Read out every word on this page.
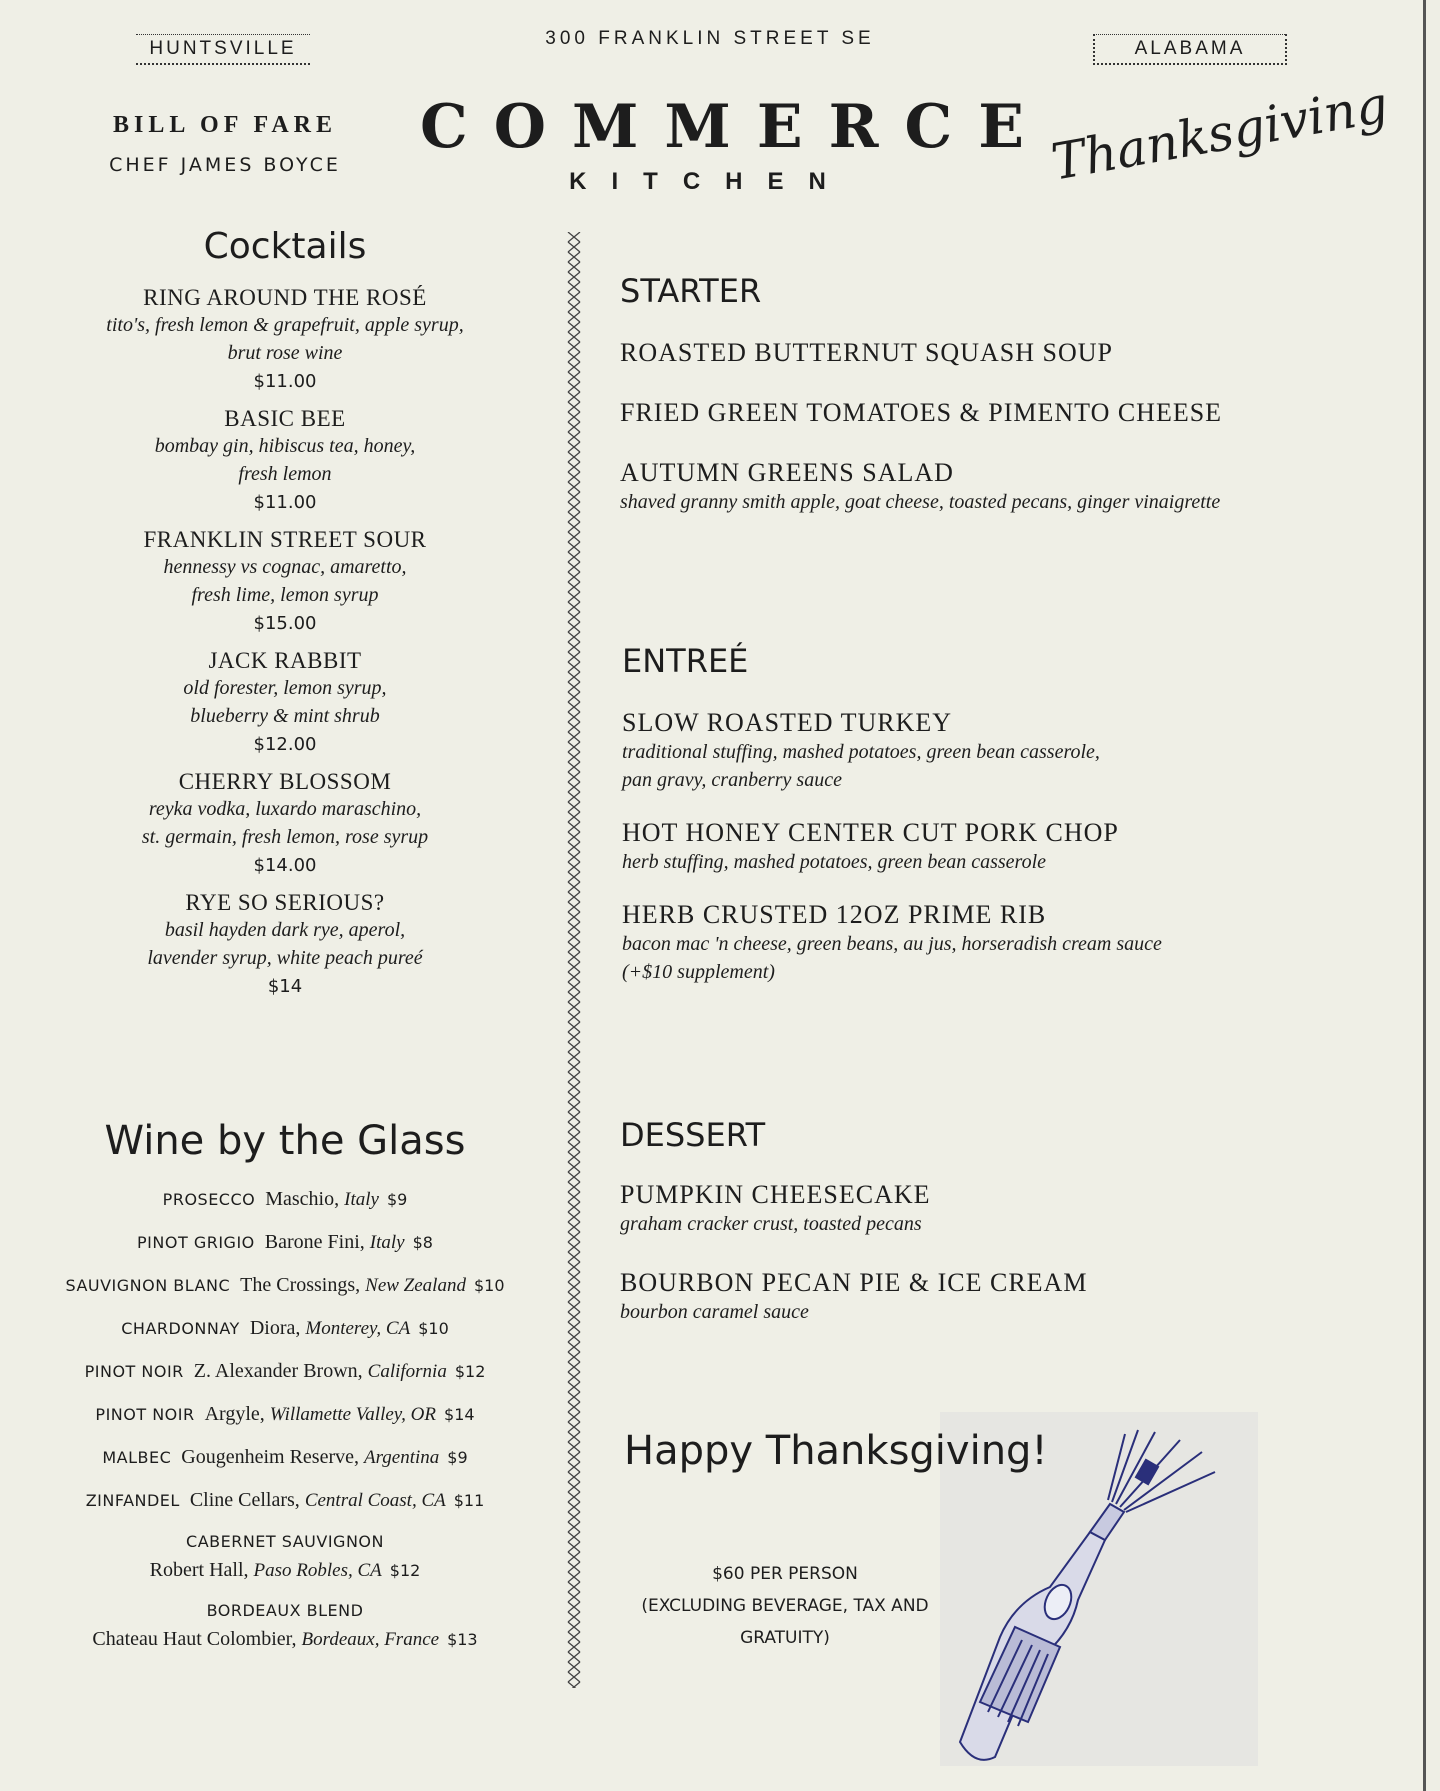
HUNTSVILLE	300 FRANKLIN STREET SE	ALABAMA
BILL OF FARE
CHEF JAMES BOYCE
COMMERCE
KITCHEN	Thanksgiving
Cocktails
RING AROUND THE ROSÉ
tito's, fresh lemon & grapefruit, apple syrup,
brut rose wine
$11.00
BASIC BEE
bombay gin, hibiscus tea, honey,
fresh lemon
$11.00
FRANKLIN STREET SOUR
hennessy vs cognac, amaretto,
fresh lime, lemon syrup
$15.00
JACK RABBIT
old forester, lemon syrup,
blueberry & mint shrub
$12.00
CHERRY BLOSSOM
reyka vodka, luxardo maraschino,
st. germain, fresh lemon, rose syrup
$14.00
RYE SO SERIOUS?
basil hayden dark rye, aperol,
lavender syrup, white peach pureé
$14
Wine by the Glass
PROSECCO Maschio, Italy $9
PINOT GRIGIO Barone Fini, Italy $8
SAUVIGNON BLANC The Crossings, New Zealand $10
CHARDONNAY Diora, Monterey, CA $10
PINOT NOIR Z. Alexander Brown, California $12
PINOT NOIR Argyle, Willamette Valley, OR $14
MALBEC Gougenheim Reserve, Argentina $9
ZINFANDEL Cline Cellars, Central Coast, CA $11
CABERNET SAUVIGNON
Robert Hall, Paso Robles, CA $12
BORDEAUX BLEND
Chateau Haut Colombier, Bordeaux, France $13
STARTER
ROASTED BUTTERNUT SQUASH SOUP
FRIED GREEN TOMATOES & PIMENTO CHEESE
AUTUMN GREENS SALAD
shaved granny smith apple, goat cheese, toasted pecans, ginger vinaigrette
ENTREÉ
SLOW ROASTED TURKEY
traditional stuffing, mashed potatoes, green bean casserole,
pan gravy, cranberry sauce
HOT HONEY CENTER CUT PORK CHOP
herb stuffing, mashed potatoes, green bean casserole
HERB CRUSTED 12OZ PRIME RIB
bacon mac 'n cheese, green beans, au jus, horseradish cream sauce
(+$10 supplement)
DESSERT
PUMPKIN CHEESECAKE
graham cracker crust, toasted pecans
BOURBON PECAN PIE & ICE CREAM
bourbon caramel sauce
Happy Thanksgiving!
$60 PER PERSON
(EXCLUDING BEVERAGE, TAX AND GRATUITY)
